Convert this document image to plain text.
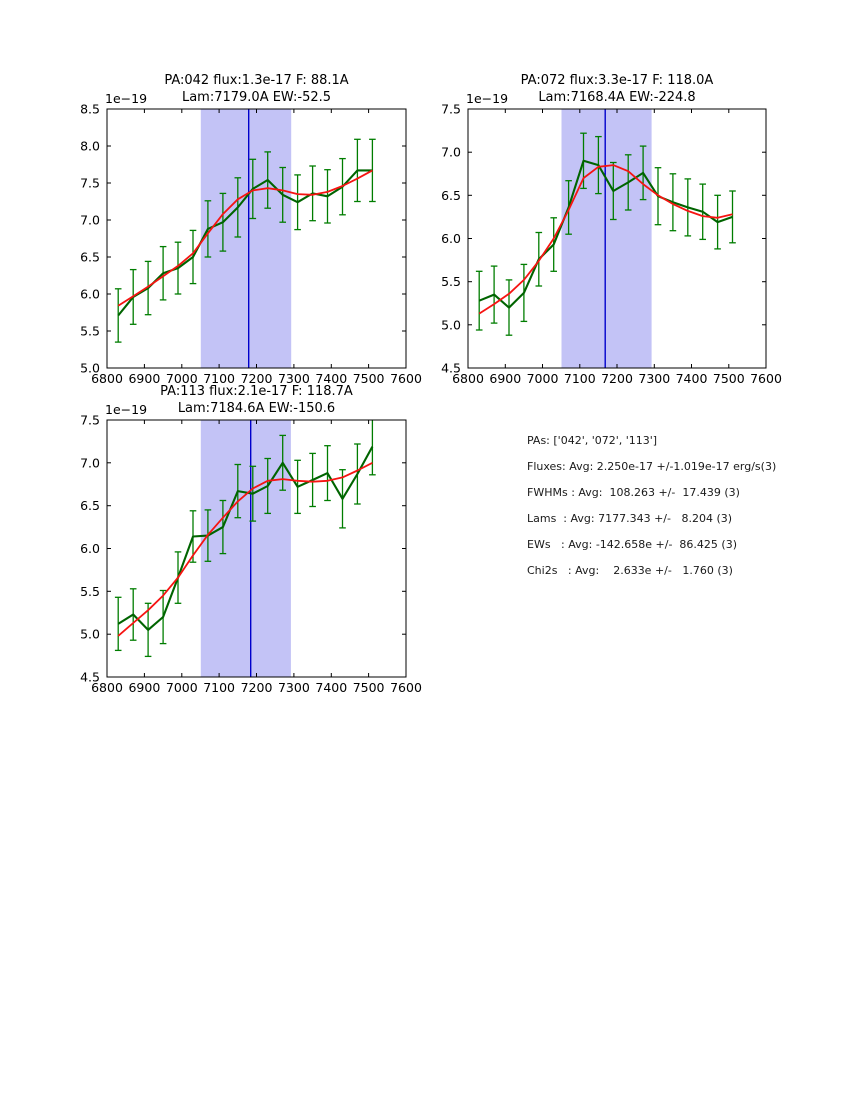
PA:042 flux:1.3e-17 F: 88.1A
Lam:7179.0A EW:-52.5
6800 6900 7000 7100 7200 7300 7400 7500 7600
5.0
5.5
6.0
6.5
7.0
7.5
8.0
8.5
1e−19
PA:072 flux:3.3e-17 F: 118.0A
Lam:7168.4A EW:-224.8
6800 6900 7000 7100 7200 7300 7400 7500 7600
4.5
5.0
5.5
6.0
6.5
7.0
7.5
1e−19
PA:113 flux:2.1e-17 F: 118.7A
Lam:7184.6A EW:-150.6
6800 6900 7000 7100 7200 7300 7400 7500 7600
4.5
5.0
5.5
6.0
6.5
7.0
7.5
1e−19
PAs: ['042', '072', '113']
Fluxes: Avg: 2.250e-17 +/-1.019e-17 erg/s(3)
FWHMs : Avg:  108.263 +/-  17.439 (3)
Lams  : Avg: 7177.343 +/-   8.204 (3)
EWs   : Avg: -142.658e +/-  86.425 (3)
Chi2s   : Avg:    2.633e +/-   1.760 (3)
